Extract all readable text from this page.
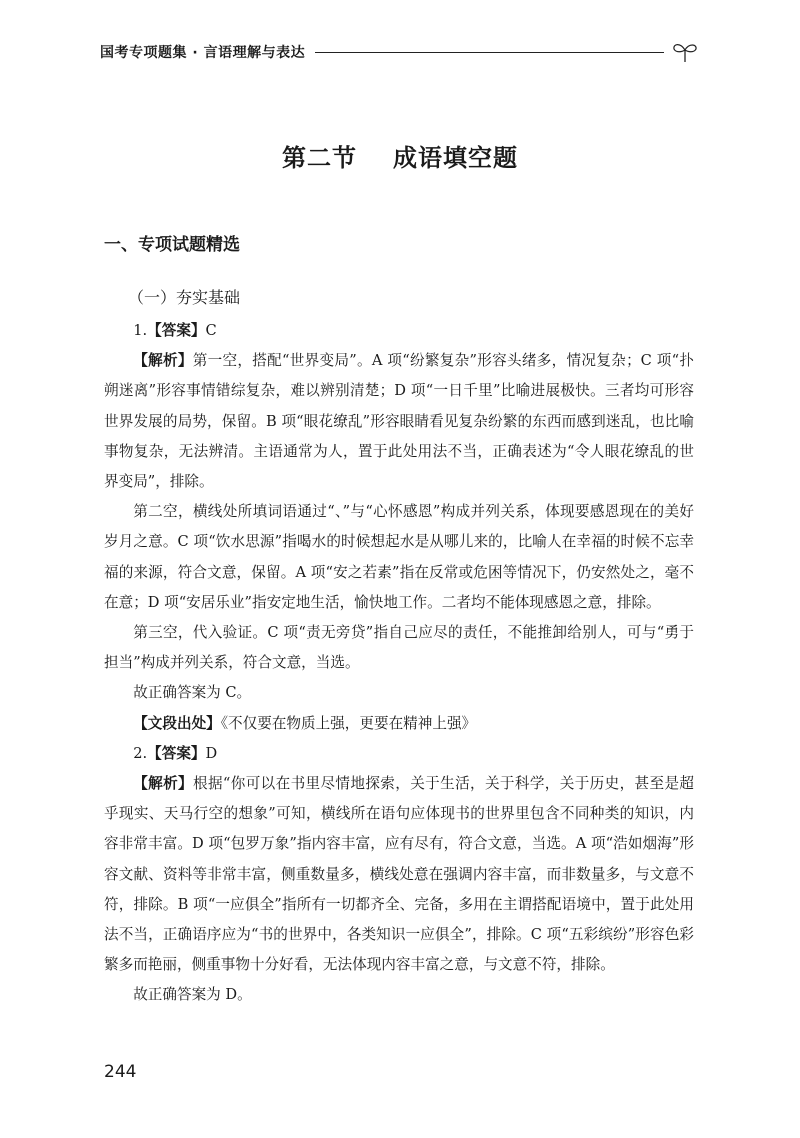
国考专项题集 · 言语理解与表达
第二节 成语填空题
一、专项试题精选
（一）夯实基础

1.【答案】C

【解析】第一空，搭配“世界变局”。A 项“纷繁复杂”形容头绪多，情况复杂；C 项“扑朔迷离”形容事情错综复杂，难以辨别清楚；D 项“一日千里”比喻进展极快。三者均可形容世界发展的局势，保留。B 项“眼花缭乱”形容眼睛看见复杂纷繁的东西而感到迷乱，也比喻事物复杂，无法辨清。主语通常为人，置于此处用法不当，正确表述为“令人眼花缭乱的世界变局”，排除。

第二空，横线处所填词语通过“、”与“心怀感恩”构成并列关系，体现要感恩现在的美好岁月之意。C 项“饮水思源”指喝水的时候想起水是从哪儿来的，比喻人在幸福的时候不忘幸福的来源，符合文意，保留。A 项“安之若素”指在反常或危困等情况下，仍安然处之，毫不在意；D 项“安居乐业”指安定地生活，愉快地工作。二者均不能体现感恩之意，排除。

第三空，代入验证。C 项“责无旁贷”指自己应尽的责任，不能推卸给别人，可与“勇于担当”构成并列关系，符合文意，当选。

故正确答案为 C。

【文段出处】《不仅要在物质上强，更要在精神上强》

2.【答案】D

【解析】根据“你可以在书里尽情地探索，关于生活，关于科学，关于历史，甚至是超乎现实、天马行空的想象”可知，横线所在语句应体现书的世界里包含不同种类的知识，内容非常丰富。D 项“包罗万象”指内容丰富，应有尽有，符合文意，当选。A 项“浩如烟海”形容文献、资料等非常丰富，侧重数量多，横线处意在强调内容丰富，而非数量多，与文意不符，排除。B 项“一应俱全”指所有一切都齐全、完备，多用在主谓搭配语境中，置于此处用法不当，正确语序应为“书的世界中，各类知识一应俱全”，排除。C 项“五彩缤纷”形容色彩繁多而艳丽，侧重事物十分好看，无法体现内容丰富之意，与文意不符，排除。

故正确答案为 D。

244
